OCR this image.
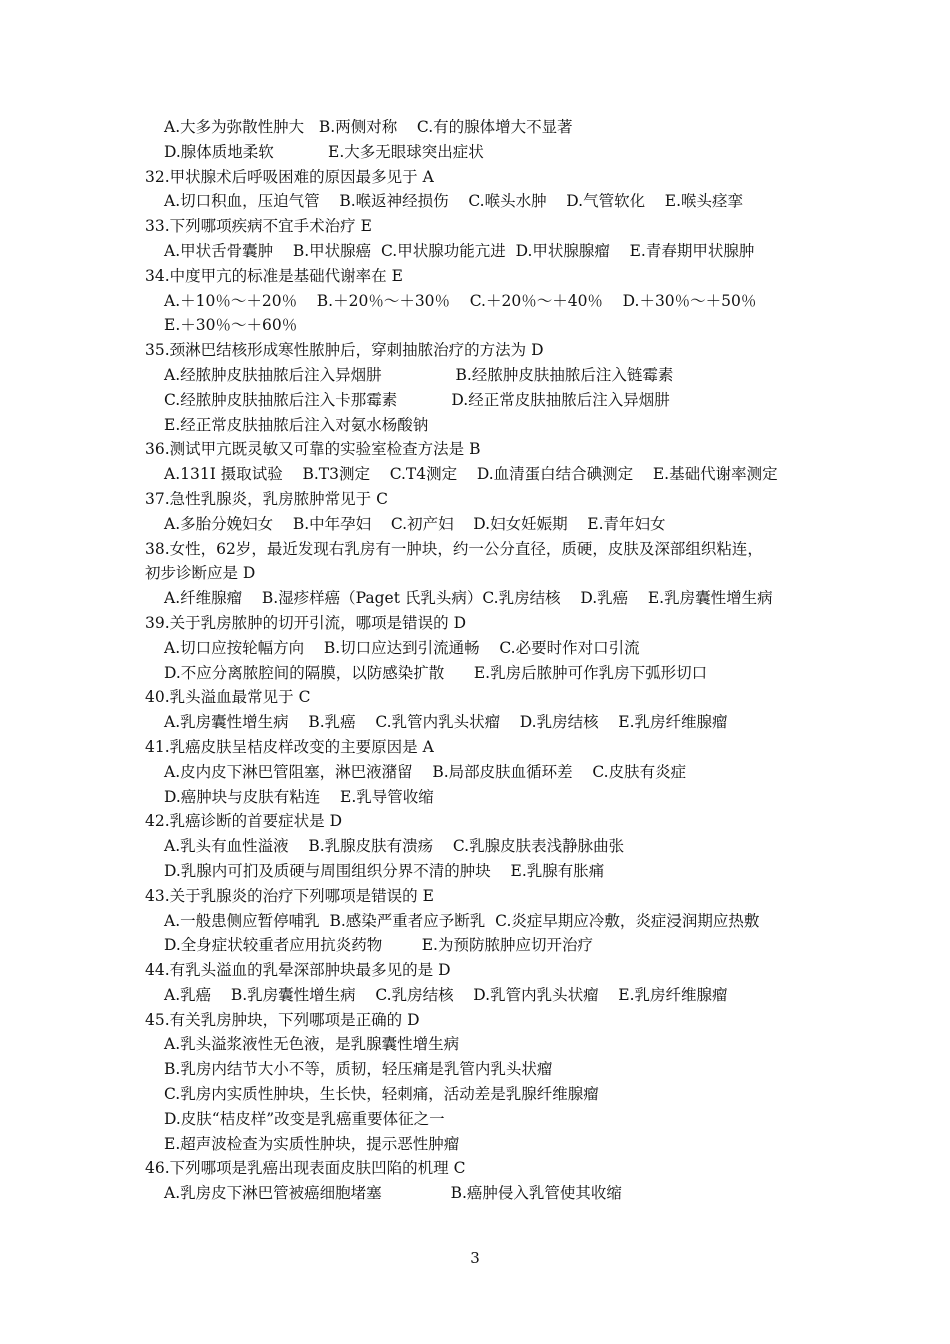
A.大多为弥散性肿大   B.两侧对称    C.有的腺体增大不显著
D.腺体质地柔软           E.大多无眼球突出症状
32.甲状腺术后呼吸困难的原因最多见于 A
A.切口积血，压迫气管    B.喉返神经损伤    C.喉头水肿    D.气管软化    E.喉头痉挛
33.下列哪项疾病不宜手术治疗 E
A.甲状舌骨囊肿    B.甲状腺癌  C.甲状腺功能亢进  D.甲状腺腺瘤    E.青春期甲状腺肿
34.中度甲亢的标准是基础代谢率在 E
A.＋10％～＋20％    B.＋20％～＋30％    C.＋20％～＋40％    D.＋30％～＋50％
E.＋30％～＋60％
35.颈淋巴结核形成寒性脓肿后，穿刺抽脓治疗的方法为 D
A.经脓肿皮肤抽脓后注入异烟肼               B.经脓肿皮肤抽脓后注入链霉素
C.经脓肿皮肤抽脓后注入卡那霉素           D.经正常皮肤抽脓后注入异烟肼
E.经正常皮肤抽脓后注入对氨水杨酸钠
36.测试甲亢既灵敏又可靠的实验室检查方法是 B
A.131I 摄取试验    B.T3测定    C.T4测定    D.血清蛋白结合碘测定    E.基础代谢率测定
37.急性乳腺炎，乳房脓肿常见于 C
A.多胎分娩妇女    B.中年孕妇    C.初产妇    D.妇女妊娠期    E.青年妇女
38.女性，62岁，最近发现右乳房有一肿块，约一公分直径，质硬，皮肤及深部组织粘连，
初步诊断应是 D
A.纤维腺瘤    B.湿疹样癌（Paget 氏乳头病）C.乳房结核    D.乳癌    E.乳房囊性增生病
39.关于乳房脓肿的切开引流，哪项是错误的 D
A.切口应按轮幅方向    B.切口应达到引流通畅    C.必要时作对口引流
D.不应分离脓腔间的隔膜，以防感染扩散      E.乳房后脓肿可作乳房下弧形切口
40.乳头溢血最常见于 C
A.乳房囊性增生病    B.乳癌    C.乳管内乳头状瘤    D.乳房结核    E.乳房纤维腺瘤
41.乳癌皮肤呈桔皮样改变的主要原因是 A
A.皮内皮下淋巴管阻塞，淋巴液潴留    B.局部皮肤血循环差    C.皮肤有炎症
D.癌肿块与皮肤有粘连    E.乳导管收缩
42.乳癌诊断的首要症状是 D
A.乳头有血性溢液    B.乳腺皮肤有溃疡    C.乳腺皮肤表浅静脉曲张
D.乳腺内可扪及质硬与周围组织分界不清的肿块    E.乳腺有胀痛
43.关于乳腺炎的治疗下列哪项是错误的 E
A.一般患侧应暂停哺乳  B.感染严重者应予断乳  C.炎症早期应冷敷，炎症浸润期应热敷
D.全身症状较重者应用抗炎药物        E.为预防脓肿应切开治疗
44.有乳头溢血的乳晕深部肿块最多见的是 D
A.乳癌    B.乳房囊性增生病    C.乳房结核    D.乳管内乳头状瘤    E.乳房纤维腺瘤
45.有关乳房肿块，下列哪项是正确的 D
A.乳头溢浆液性无色液，是乳腺囊性增生病
B.乳房内结节大小不等，质韧，轻压痛是乳管内乳头状瘤
C.乳房内实质性肿块，生长快，轻刺痛，活动差是乳腺纤维腺瘤
D.皮肤“桔皮样”改变是乳癌重要体征之一
E.超声波检查为实质性肿块，提示恶性肿瘤
46.下列哪项是乳癌出现表面皮肤凹陷的机理 C
A.乳房皮下淋巴管被癌细胞堵塞              B.癌肿侵入乳管使其收缩
3
